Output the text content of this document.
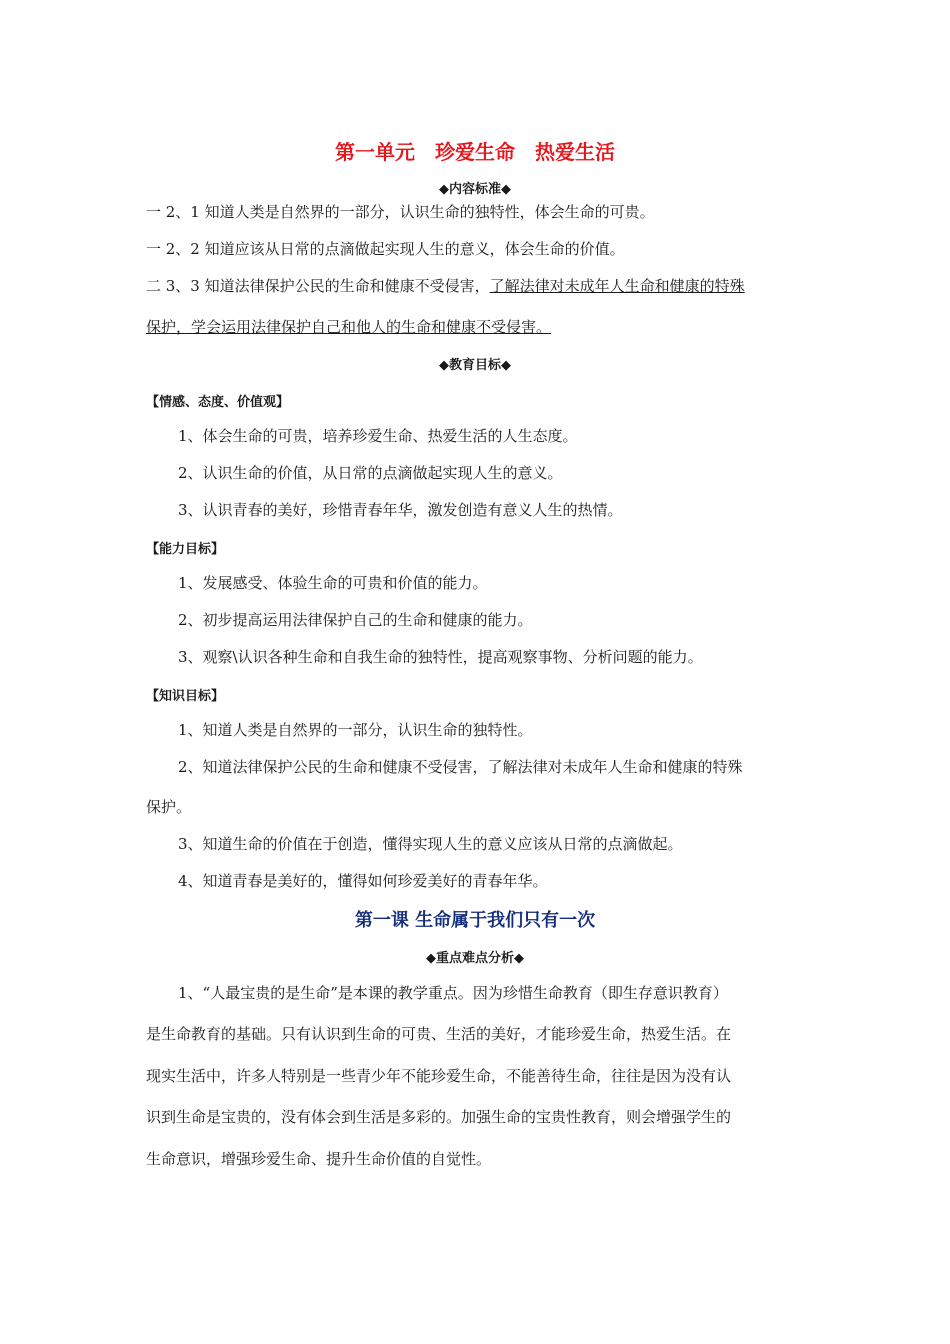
第一单元　珍爱生命　热爱生活
◆内容标准◆
一 2、1 知道人类是自然界的一部分，认识生命的独特性，体会生命的可贵。
一 2、2 知道应该从日常的点滴做起实现人生的意义，体会生命的价值。
二 3、3 知道法律保护公民的生命和健康不受侵害，了解法律对未成年人生命和健康的特殊
保护，学会运用法律保护自己和他人的生命和健康不受侵害。
◆教育目标◆
【情感、态度、价值观】
1、体会生命的可贵，培养珍爱生命、热爱生活的人生态度。
2、认识生命的价值，从日常的点滴做起实现人生的意义。
3、认识青春的美好，珍惜青春年华，激发创造有意义人生的热情。
【能力目标】
1、发展感受、体验生命的可贵和价值的能力。
2、初步提高运用法律保护自己的生命和健康的能力。
3、观察\认识各种生命和自我生命的独特性，提高观察事物、分析问题的能力。
【知识目标】
1、知道人类是自然界的一部分，认识生命的独特性。
2、知道法律保护公民的生命和健康不受侵害，了解法律对未成年人生命和健康的特殊
保护。
3、知道生命的价值在于创造，懂得实现人生的意义应该从日常的点滴做起。
4、知道青春是美好的，懂得如何珍爱美好的青春年华。
第一课 生命属于我们只有一次
◆重点难点分析◆
1、“人最宝贵的是生命”是本课的教学重点。因为珍惜生命教育（即生存意识教育）
是生命教育的基础。只有认识到生命的可贵、生活的美好，才能珍爱生命，热爱生活。在
现实生活中，许多人特别是一些青少年不能珍爱生命，不能善待生命，往往是因为没有认
识到生命是宝贵的，没有体会到生活是多彩的。加强生命的宝贵性教育，则会增强学生的
生命意识，增强珍爱生命、提升生命价值的自觉性。
